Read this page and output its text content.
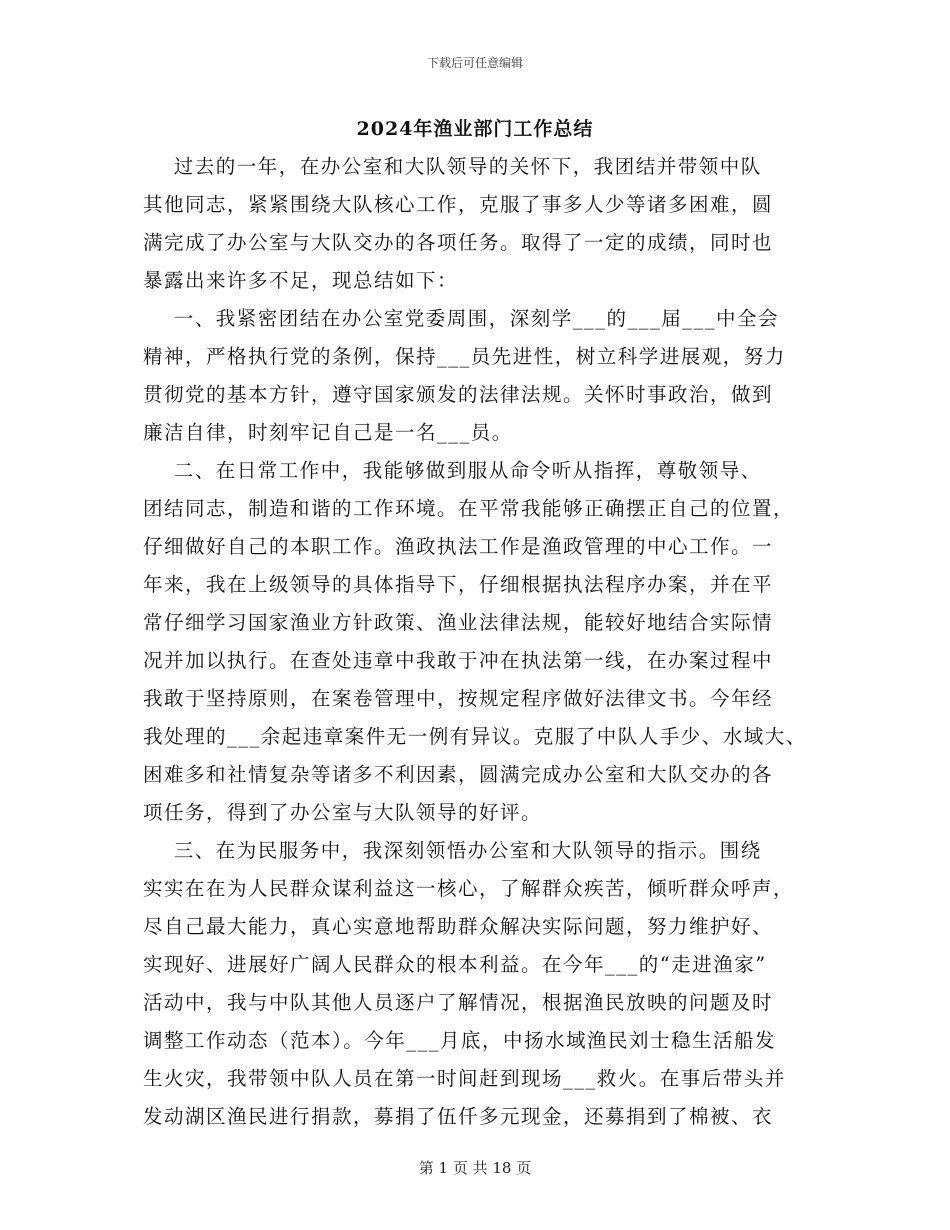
下载后可任意编辑
2024年渔业部门工作总结
过去的一年，在办公室和大队领导的关怀下，我团结并带领中队
其他同志，紧紧围绕大队核心工作，克服了事多人少等诸多困难，圆
满完成了办公室与大队交办的各项任务。取得了一定的成绩，同时也
暴露出来许多不足，现总结如下：
一、我紧密团结在办公室党委周围，深刻学___的___届___中全会
精神，严格执行党的条例，保持___员先进性，树立科学进展观，努力
贯彻党的基本方针，遵守国家颁发的法律法规。关怀时事政治，做到
廉洁自律，时刻牢记自己是一名___员。
二、在日常工作中，我能够做到服从命令听从指挥，尊敬领导、
团结同志，制造和谐的工作环境。在平常我能够正确摆正自己的位置，
仔细做好自己的本职工作。渔政执法工作是渔政管理的中心工作。一
年来，我在上级领导的具体指导下，仔细根据执法程序办案，并在平
常仔细学习国家渔业方针政策、渔业法律法规，能较好地结合实际情
况并加以执行。在查处违章中我敢于冲在执法第一线，在办案过程中
我敢于坚持原则，在案卷管理中，按规定程序做好法律文书。今年经
我处理的___余起违章案件无一例有异议。克服了中队人手少、水域大、
困难多和社情复杂等诸多不利因素，圆满完成办公室和大队交办的各
项任务，得到了办公室与大队领导的好评。
三、在为民服务中，我深刻领悟办公室和大队领导的指示。围绕
实实在在为人民群众谋利益这一核心，了解群众疾苦，倾听群众呼声，
尽自己最大能力，真心实意地帮助群众解决实际问题，努力维护好、
实现好、进展好广阔人民群众的根本利益。在今年___的“走进渔家”
活动中，我与中队其他人员逐户了解情况，根据渔民放映的问题及时
调整工作动态（范本）。今年___月底，中扬水域渔民刘士稳生活船发
生火灾，我带领中队人员在第一时间赶到现场___救火。在事后带头并
发动湖区渔民进行捐款，募捐了伍仟多元现金，还募捐到了棉被、衣
第 1 页 共 18 页
